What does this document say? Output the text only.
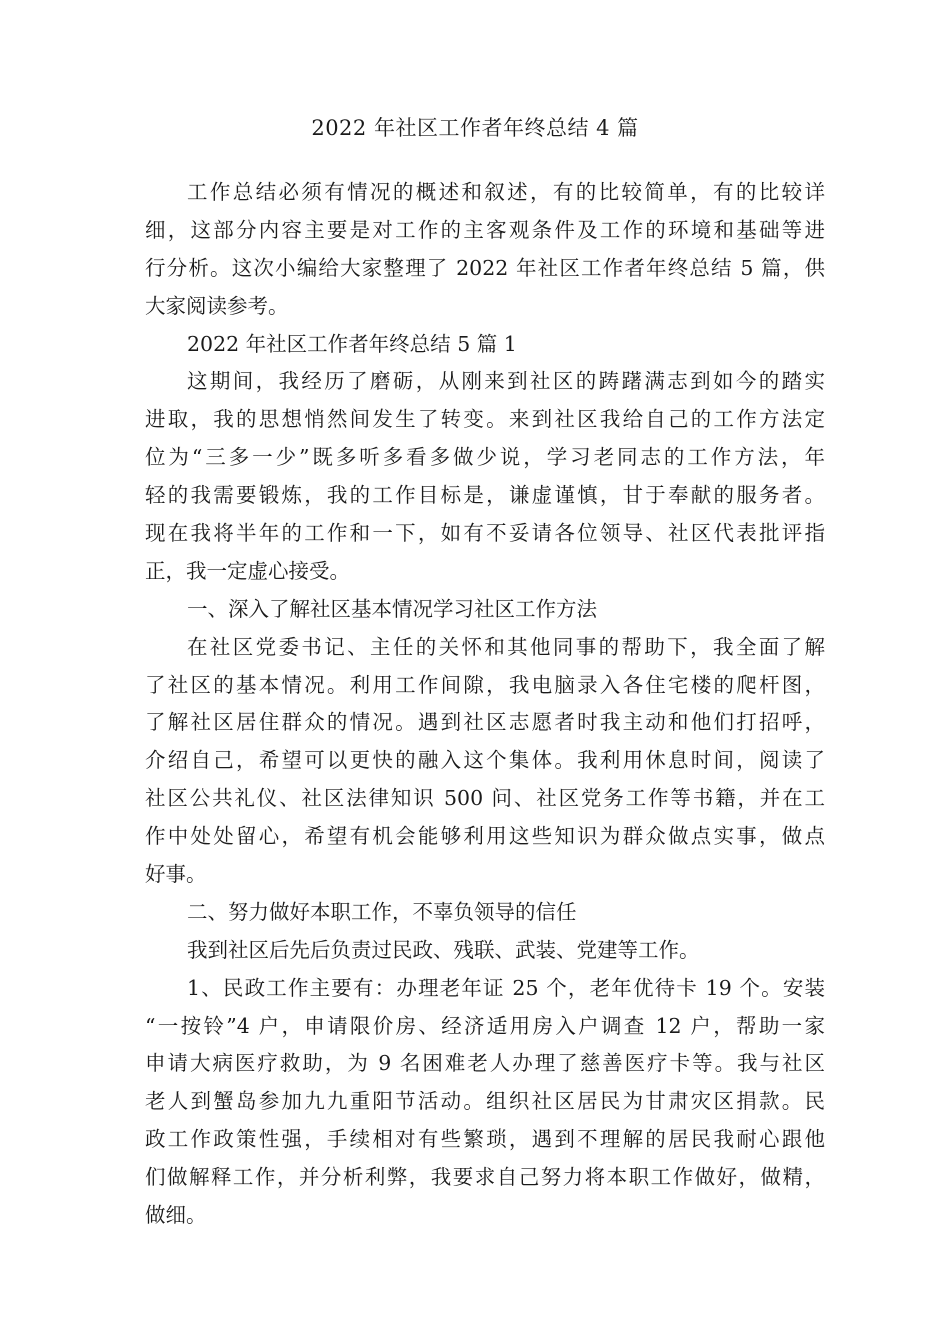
2022 年社区工作者年终总结 4 篇
工作总结必须有情况的概述和叙述，有的比较简单，有的比较详
细，这部分内容主要是对工作的主客观条件及工作的环境和基础等进
行分析。这次小编给大家整理了 2022 年社区工作者年终总结 5 篇，供
大家阅读参考。
2022 年社区工作者年终总结 5 篇 1
这期间，我经历了磨砺，从刚来到社区的踌躇满志到如今的踏实
进取，我的思想悄然间发生了转变。来到社区我给自己的工作方法定
位为“三多一少”既多听多看多做少说，学习老同志的工作方法，年
轻的我需要锻炼，我的工作目标是，谦虚谨慎，甘于奉献的服务者。
现在我将半年的工作和一下，如有不妥请各位领导、社区代表批评指
正，我一定虚心接受。
一、深入了解社区基本情况学习社区工作方法
在社区党委书记、主任的关怀和其他同事的帮助下，我全面了解
了社区的基本情况。利用工作间隙，我电脑录入各住宅楼的爬杆图，
了解社区居住群众的情况。遇到社区志愿者时我主动和他们打招呼，
介绍自己，希望可以更快的融入这个集体。我利用休息时间，阅读了
社区公共礼仪、社区法律知识 500 问、社区党务工作等书籍，并在工
作中处处留心，希望有机会能够利用这些知识为群众做点实事，做点
好事。
二、努力做好本职工作，不辜负领导的信任
我到社区后先后负责过民政、残联、武装、党建等工作。
1、民政工作主要有：办理老年证 25 个，老年优待卡 19 个。安装
“一按铃”4 户，申请限价房、经济适用房入户调查 12 户，帮助一家
申请大病医疗救助，为 9 名困难老人办理了慈善医疗卡等。我与社区
老人到蟹岛参加九九重阳节活动。组织社区居民为甘肃灾区捐款。民
政工作政策性强，手续相对有些繁琐，遇到不理解的居民我耐心跟他
们做解释工作，并分析利弊，我要求自己努力将本职工作做好，做精，
做细。
